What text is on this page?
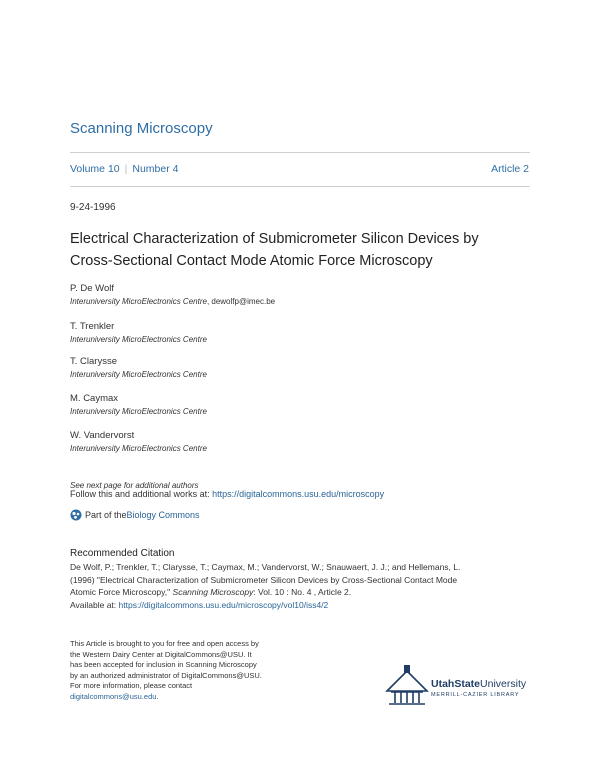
Scanning Microscopy
Volume 10 | Number 4	Article 2
9-24-1996
Electrical Characterization of Submicrometer Silicon Devices by
Cross-Sectional Contact Mode Atomic Force Microscopy
P. De Wolf
Interuniversity MicroElectronics Centre, dewolfp@imec.be
T. Trenkler
Interuniversity MicroElectronics Centre
T. Clarysse
Interuniversity MicroElectronics Centre
M. Caymax
Interuniversity MicroElectronics Centre
W. Vandervorst
Interuniversity MicroElectronics Centre
See next page for additional authors
Follow this and additional works at: https://digitalcommons.usu.edu/microscopy
Part of the Biology Commons
Recommended Citation
De Wolf, P.; Trenkler, T.; Clarysse, T.; Caymax, M.; Vandervorst, W.; Snauwaert, J. J.; and Hellemans, L.
(1996) "Electrical Characterization of Submicrometer Silicon Devices by Cross-Sectional Contact Mode
Atomic Force Microscopy," Scanning Microscopy: Vol. 10 : No. 4 , Article 2.
Available at: https://digitalcommons.usu.edu/microscopy/vol10/iss4/2
This Article is brought to you for free and open access by
the Western Dairy Center at DigitalCommons@USU. It
has been accepted for inclusion in Scanning Microscopy
by an authorized administrator of DigitalCommons@USU.
For more information, please contact
digitalcommons@usu.edu.
UtahStateUniversity
MERRILL-CAZIER LIBRARY
